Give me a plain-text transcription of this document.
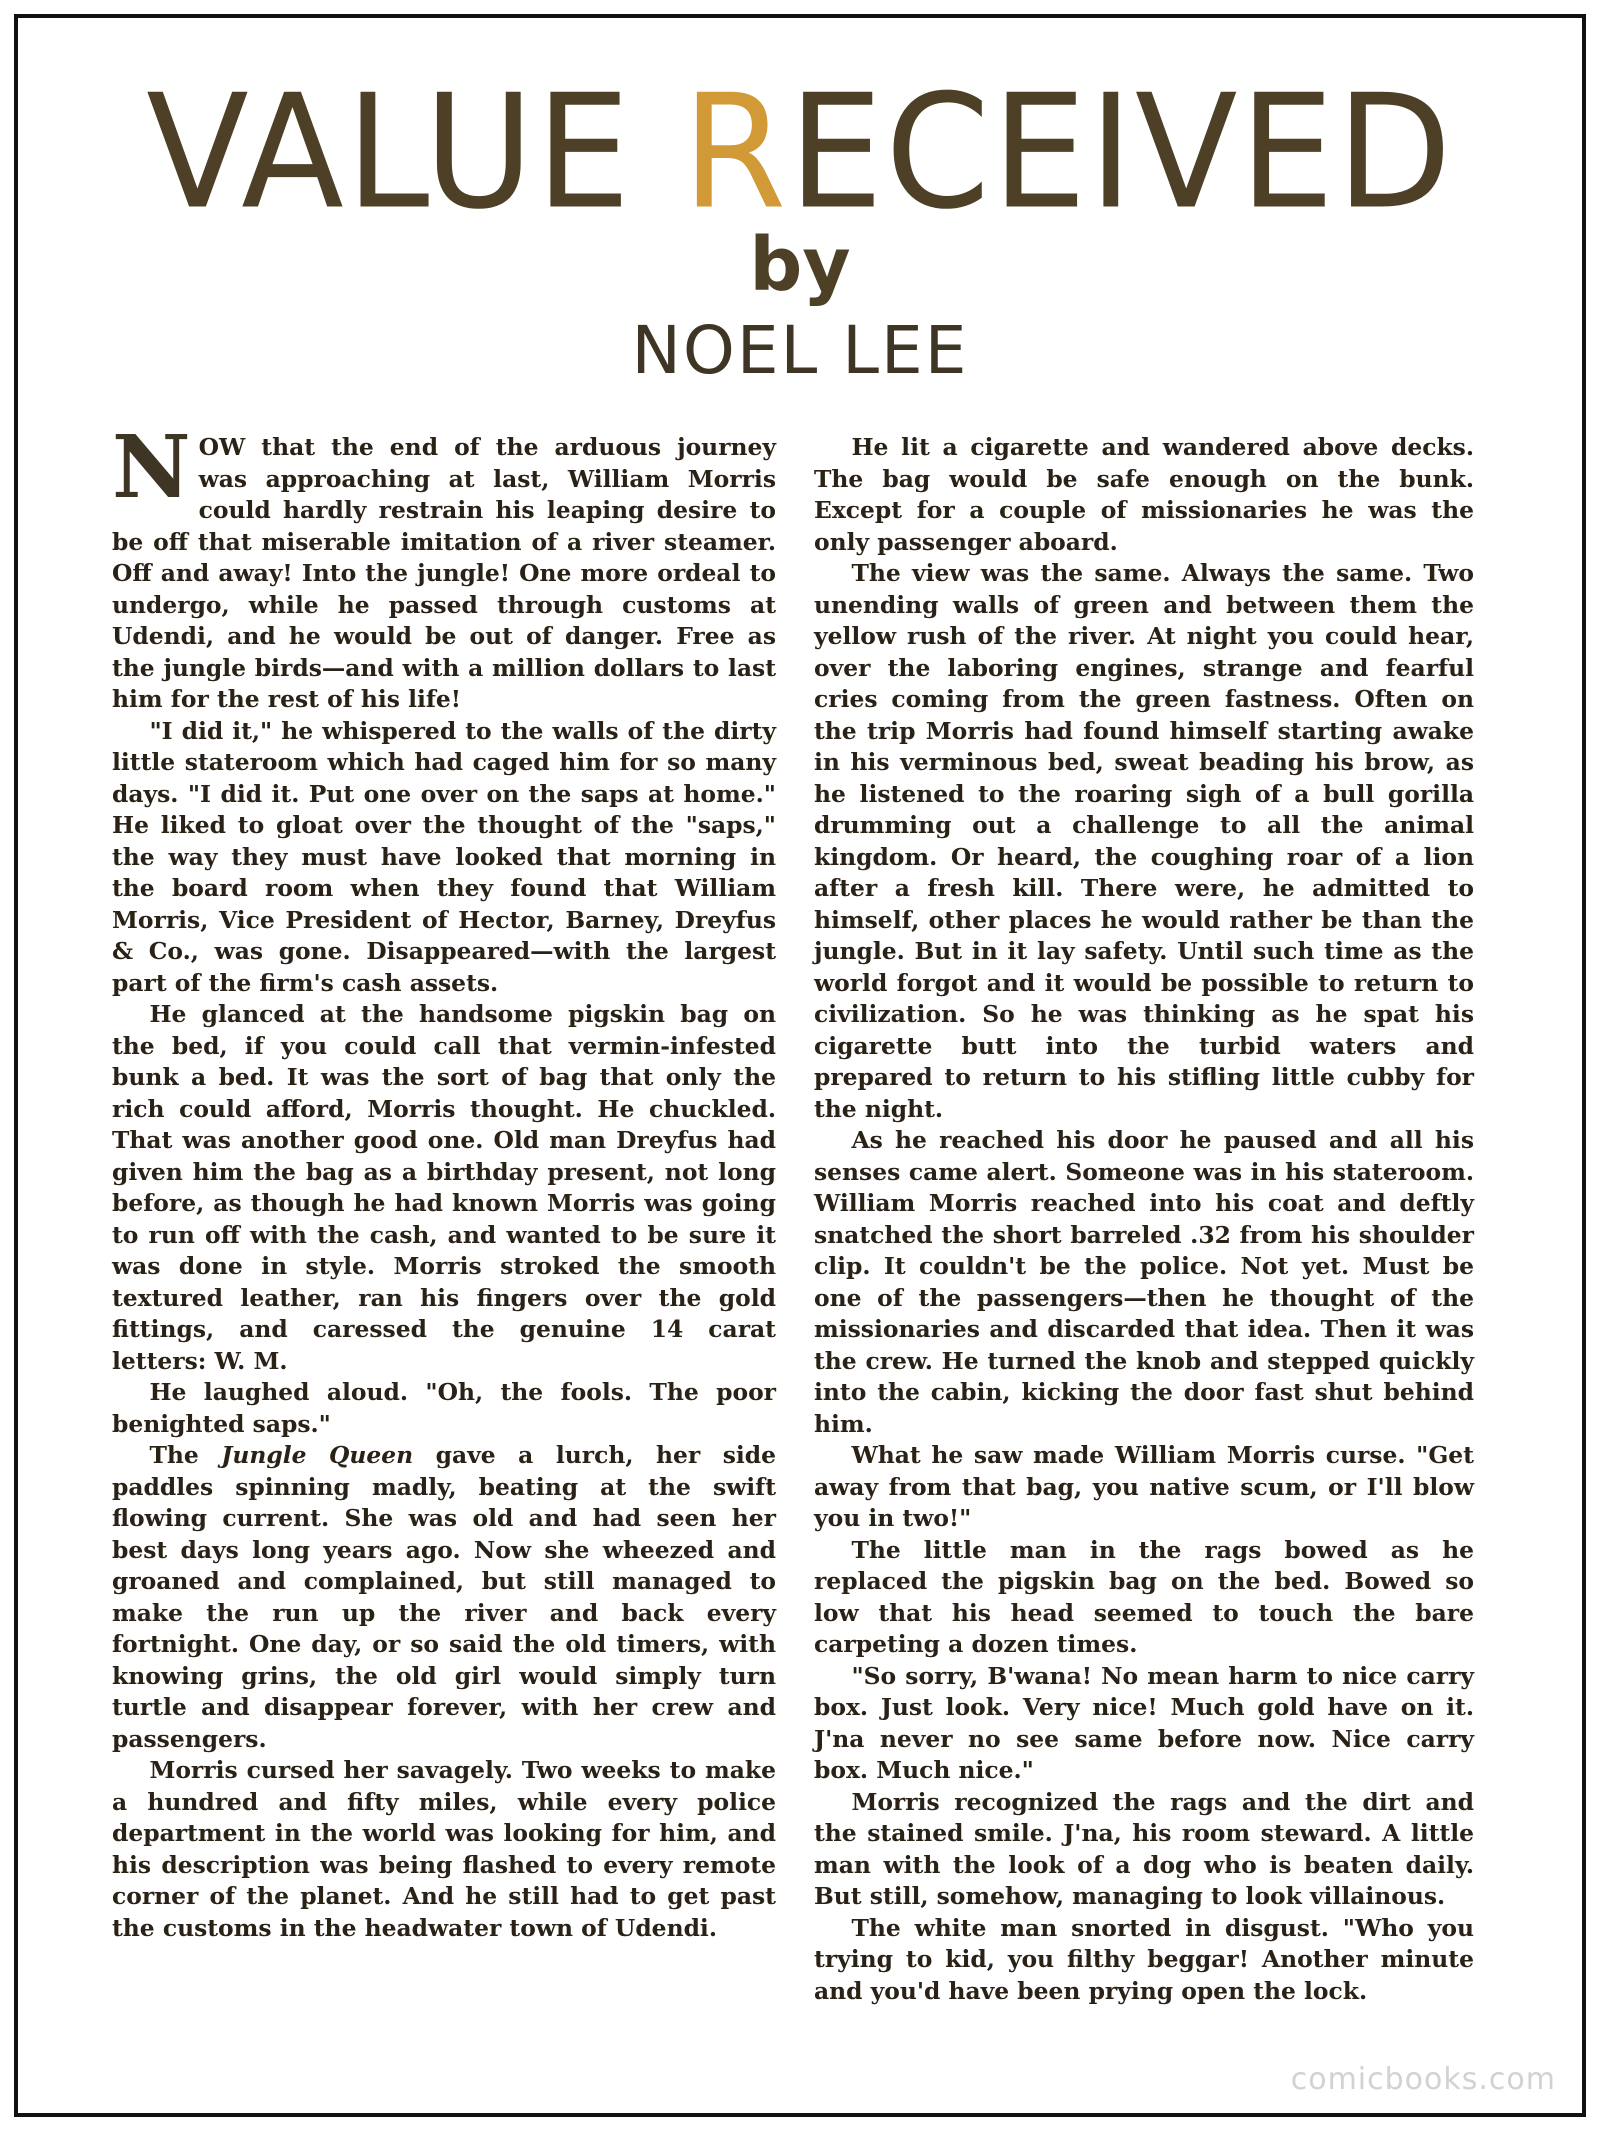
VALUE RECEIVED
by
NOEL LEE

NOW that the end of the arduous journey was approaching at last, William Morris could hardly restrain his leaping desire to be off that miserable imitation of a river steamer. Off and away! Into the jungle! One more ordeal to undergo, while he passed through customs at Udendi, and he would be out of danger. Free as the jungle birds—and with a million dollars to last him for the rest of his life!

"I did it," he whispered to the walls of the dirty little stateroom which had caged him for so many days. "I did it. Put one over on the saps at home." He liked to gloat over the thought of the "saps," the way they must have looked that morning in the board room when they found that William Morris, Vice President of Hector, Barney, Dreyfus & Co., was gone. Disappeared—with the largest part of the firm's cash assets.

He glanced at the handsome pigskin bag on the bed, if you could call that vermin-infested bunk a bed. It was the sort of bag that only the rich could afford, Morris thought. He chuckled. That was another good one. Old man Dreyfus had given him the bag as a birthday present, not long before, as though he had known Morris was going to run off with the cash, and wanted to be sure it was done in style. Morris stroked the smooth textured leather, ran his fingers over the gold fittings, and caressed the genuine 14 carat letters: W. M.

He laughed aloud. "Oh, the fools. The poor benighted saps."

The Jungle Queen gave a lurch, her side paddles spinning madly, beating at the swift flowing current. She was old and had seen her best days long years ago. Now she wheezed and groaned and complained, but still managed to make the run up the river and back every fortnight. One day, or so said the old timers, with knowing grins, the old girl would simply turn turtle and disappear forever, with her crew and passengers.

Morris cursed her savagely. Two weeks to make a hundred and fifty miles, while every police department in the world was looking for him, and his description was being flashed to every remote corner of the planet. And he still had to get past the customs in the headwater town of Udendi.

He lit a cigarette and wandered above decks. The bag would be safe enough on the bunk. Except for a couple of missionaries he was the only passenger aboard.

The view was the same. Always the same. Two unending walls of green and between them the yellow rush of the river. At night you could hear, over the laboring engines, strange and fearful cries coming from the green fastness. Often on the trip Morris had found himself starting awake in his verminous bed, sweat beading his brow, as he listened to the roaring sigh of a bull gorilla drumming out a challenge to all the animal kingdom. Or heard, the coughing roar of a lion after a fresh kill. There were, he admitted to himself, other places he would rather be than the jungle. But in it lay safety. Until such time as the world forgot and it would be possible to return to civilization. So he was thinking as he spat his cigarette butt into the turbid waters and prepared to return to his stifling little cubby for the night.

As he reached his door he paused and all his senses came alert. Someone was in his stateroom. William Morris reached into his coat and deftly snatched the short barreled .32 from his shoulder clip. It couldn't be the police. Not yet. Must be one of the passengers—then he thought of the missionaries and discarded that idea. Then it was the crew. He turned the knob and stepped quickly into the cabin, kicking the door fast shut behind him.

What he saw made William Morris curse. "Get away from that bag, you native scum, or I'll blow you in two!"

The little man in the rags bowed as he replaced the pigskin bag on the bed. Bowed so low that his head seemed to touch the bare carpeting a dozen times.

"So sorry, B'wana! No mean harm to nice carry box. Just look. Very nice! Much gold have on it. J'na never no see same before now. Nice carry box. Much nice."

Morris recognized the rags and the dirt and the stained smile. J'na, his room steward. A little man with the look of a dog who is beaten daily. But still, somehow, managing to look villainous.

The white man snorted in disgust. "Who you trying to kid, you filthy beggar! Another minute and you'd have been prying open the lock.

comicbooks.com
